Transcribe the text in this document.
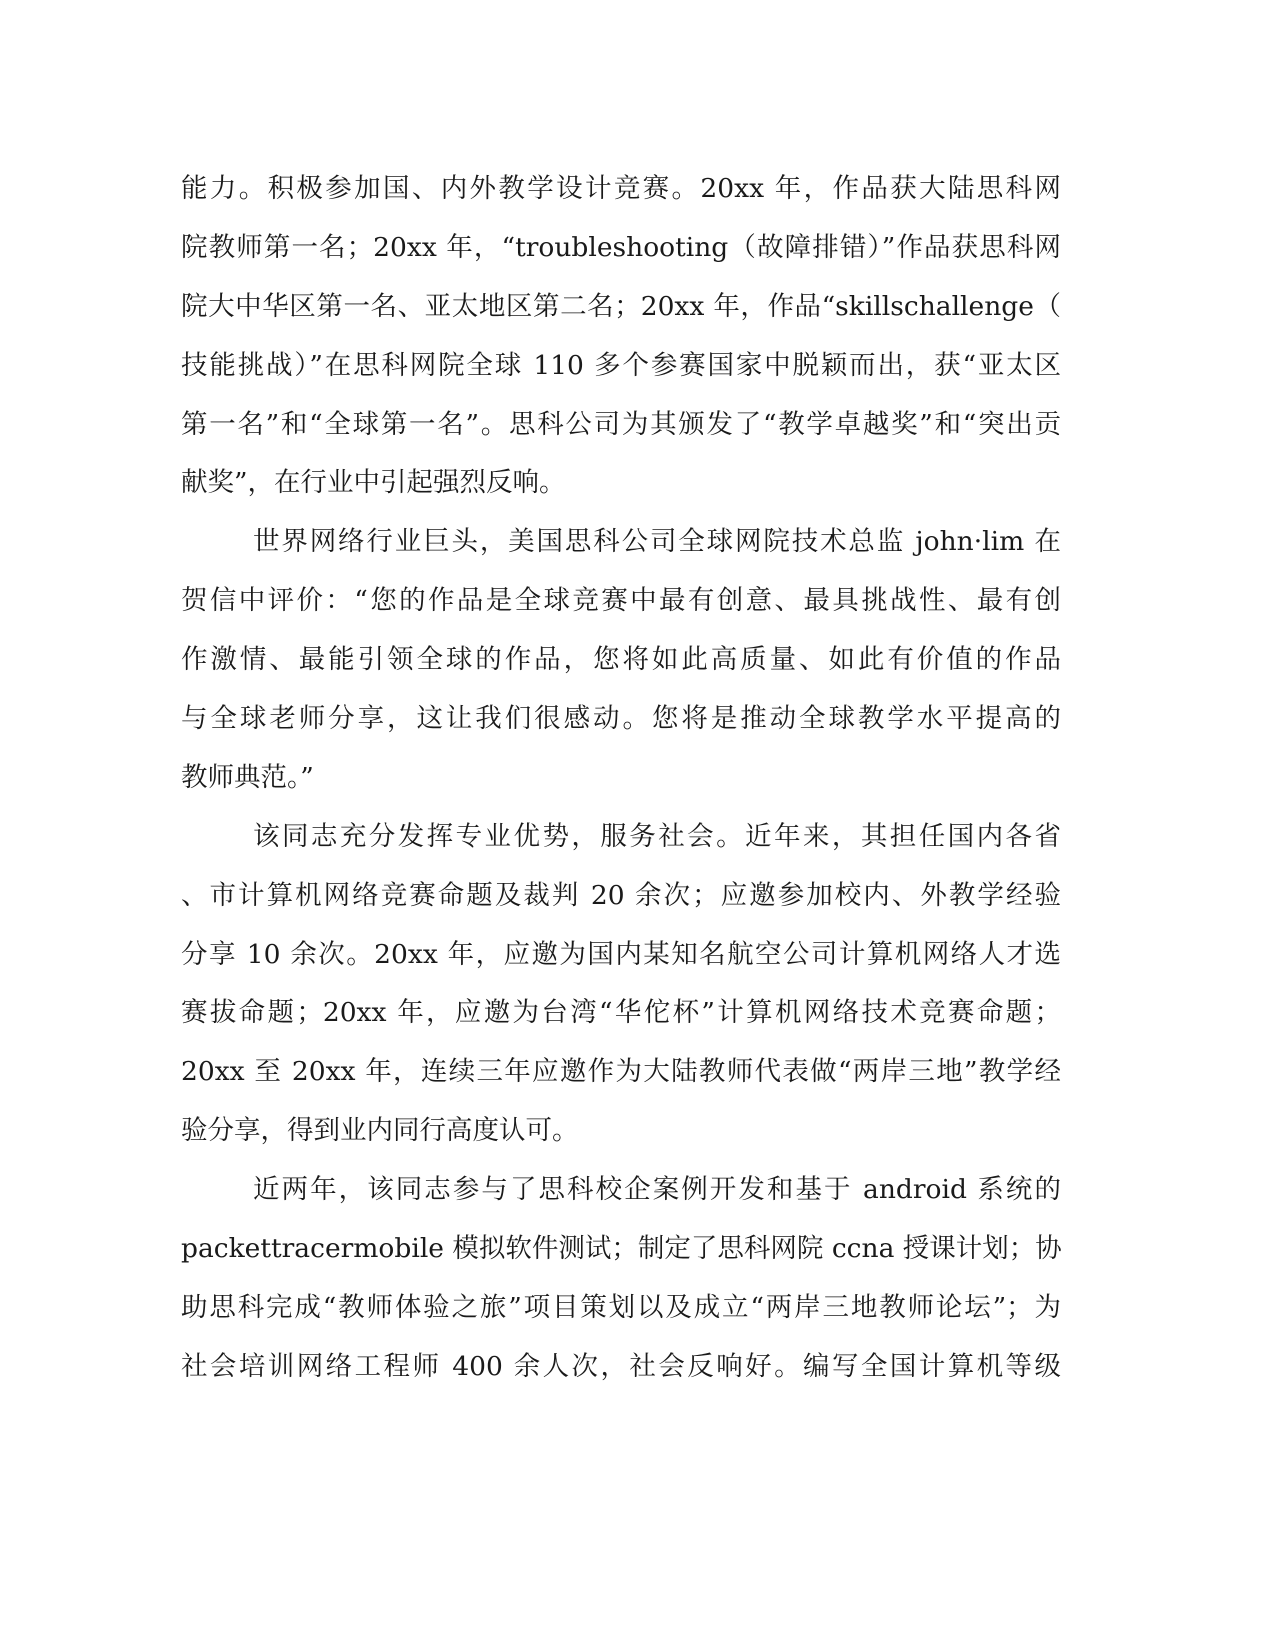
能力。积极参加国、内外教学设计竞赛。20xx 年，作品获大陆思科网
院教师第一名；20xx 年，“troubleshooting（故障排错）”作品获思科网
院大中华区第一名、亚太地区第二名；20xx 年，作品“skillschallenge（
技能挑战）”在思科网院全球 110 多个参赛国家中脱颖而出，获“亚太区
第一名”和“全球第一名”。思科公司为其颁发了“教学卓越奖”和“突出贡
献奖”，在行业中引起强烈反响。
世界网络行业巨头，美国思科公司全球网院技术总监 john·lim 在
贺信中评价：“您的作品是全球竞赛中最有创意、最具挑战性、最有创
作激情、最能引领全球的作品，您将如此高质量、如此有价值的作品
与全球老师分享，这让我们很感动。您将是推动全球教学水平提高的
教师典范。”
该同志充分发挥专业优势，服务社会。近年来，其担任国内各省
、市计算机网络竞赛命题及裁判 20 余次；应邀参加校内、外教学经验
分享 10 余次。20xx 年，应邀为国内某知名航空公司计算机网络人才选
赛拔命题；20xx 年，应邀为台湾“华佗杯”计算机网络技术竞赛命题；
20xx 至 20xx 年，连续三年应邀作为大陆教师代表做“两岸三地”教学经
验分享，得到业内同行高度认可。
近两年，该同志参与了思科校企案例开发和基于 android 系统的
packettracermobile 模拟软件测试；制定了思科网院 ccna 授课计划；协
助思科完成“教师体验之旅”项目策划以及成立“两岸三地教师论坛”；为
社会培训网络工程师 400 余人次，社会反响好。编写全国计算机等级
